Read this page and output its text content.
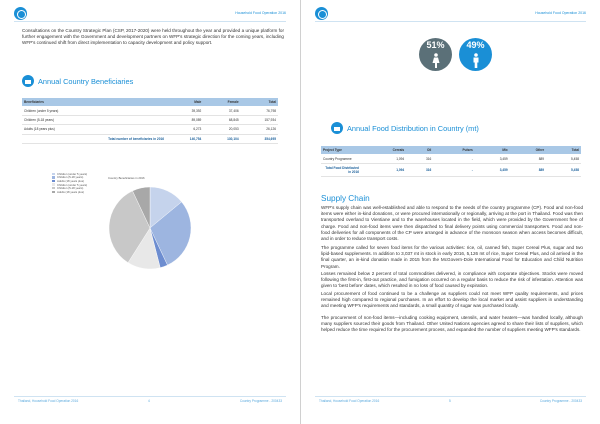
Household Food Operation 2016
Consultations on the Country Strategic Plan (CSP, 2017-2020) were held throughout the year and provided a unique platform for further engagement with the Government and development partners on WFP's strategic direction for the coming years, including WFP's continued shift from direct implementation to capacity development and policy support.
Annual Country Beneficiaries
Beneficiaries	Male	Female	Total
Children (under 5 years)	39,392	37,406	76,798
Children (5-18 years)	89,089	68,845	157,934
Adults (18 years plus)	6,273	20,053	26,126
Total number of beneficiaries in 2016	140,754	130,104	354,695
Country Beneficiaries in 2016
Children (under 5 years)
Children (5-18 years)
Adults (18 years plus)
Children (under 5 years)
Children (5-18 years)
Adults (18 years plus)
Thailand, Household Food Operation 2016	4	Country Programme - 200433
Household Food Operation 2016
51%	49%
Annual Food Distribution in Country (mt)
Project Type	Cereals	Oil	Pulses	Mix	Other	Total
Country Programme	1,094	316	-	3,459	889	5,458
Total Food Distributed in 2016	1,094	316	-	3,459	889	5,458
Supply Chain
WFP's supply chain was well-established and able to respond to the needs of the country programme (CP). Food and non-food items were either in-kind donations, or were procured internationally or regionally, arriving at the port in Thailand. Food was then transported overland to Vientiane and to the warehouses located in the field, which were provided by the Government free of charge. Food and non-food items were then dispatched to final delivery points using commercial transporters. Food and non-food deliveries for all components of the CP were arranged in advance of the monsoon season when access becomes difficult, and in order to reduce transport costs.
The programme called for seven food items for the various activities: rice, oil, canned fish, Super Cereal Plus, sugar and two lipid-based supplements. In addition to 3,037 mt in stock in early 2016, 5,126 mt of rice, Super Cereal Plus, and oil arrived in the final quarter, an in-kind donation made in 2015 from the McGovern-Dole International Food for Education and Child Nutrition Program.
Losses remained below 2 percent of total commodities delivered, in compliance with corporate objectives. Stocks were moved following the first-in, first-out practice, and fumigation occurred on a regular basis to reduce the risk of infestation. Attention was given to 'best before' dates, which resulted in no loss of food caused by expiration.
Local procurement of food continued to be a challenge as suppliers could not meet WFP quality requirements, and prices remained high compared to regional purchases. In an effort to develop the local market and assist suppliers in understanding and meeting WFP's requirements and standards, a small quantity of sugar was purchased locally.
The procurement of non-food items—including cooking equipment, utensils, and water heaters—was handled locally, although many suppliers sourced their goods from Thailand. Other United Nations agencies agreed to share their lists of suppliers, which helped reduce the time required for the procurement process, and expanded the number of suppliers meeting WFP's standards.
Thailand, Household Food Operation 2016	5	Country Programme - 200433
